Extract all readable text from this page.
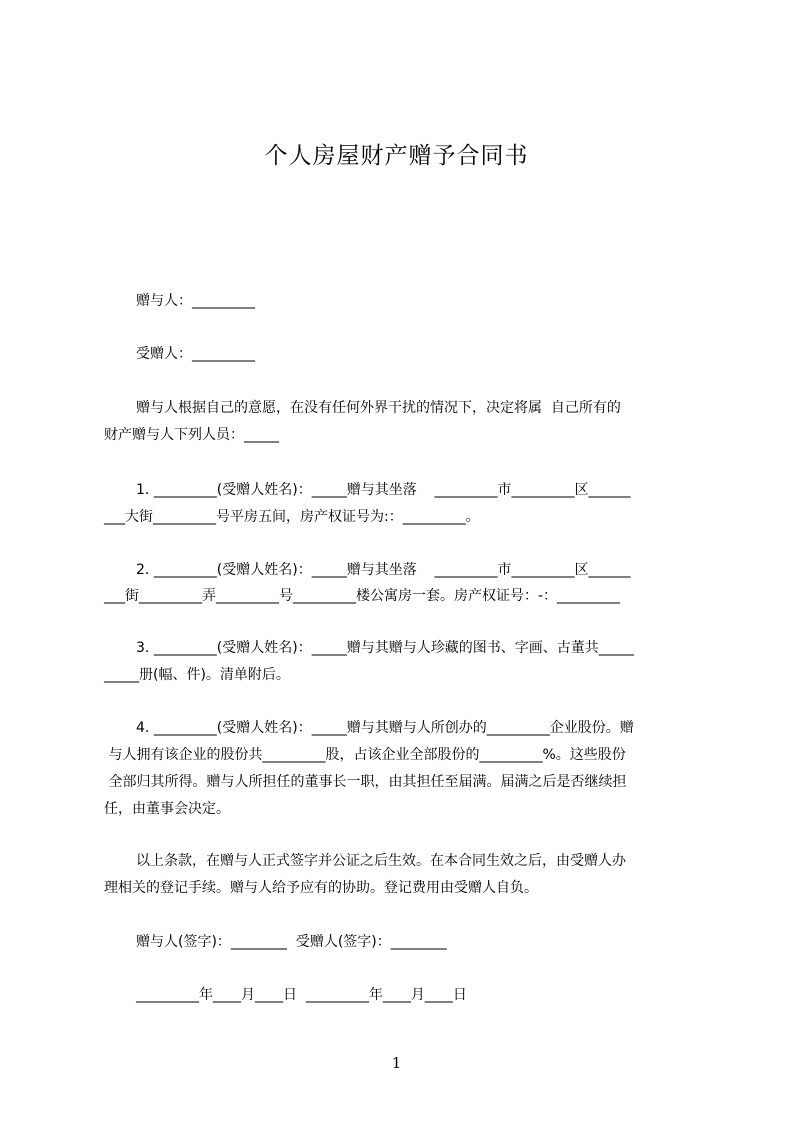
个人房屋财产赠予合同书
赠与人：_________
受赠人：_________
赠与人根据自己的意愿，在没有任何外界干扰的情况下，决定将属  自己所有的
财产赠与人下列人员：_____
1. _________(受赠人姓名)：_____赠与其坐落    _________市_________区______
___大街_________号平房五间，房产权证号为:：_________。
2. _________(受赠人姓名)：_____赠与其坐落    _________市_________区______
___街_________弄_________号_________楼公寓房一套。房产权证号：-：_________
3. _________(受赠人姓名)：_____赠与其赠与人珍藏的图书、字画、古董共_____
_____册(幅、件)。清单附后。
4. _________(受赠人姓名)：_____赠与其赠与人所创办的_________企业股份。赠
与人拥有该企业的股份共_________股，占该企业全部股份的_________%。这些股份
全部归其所得。赠与人所担任的董事长一职，由其担任至届满。届满之后是否继续担
任，由董事会决定。
以上条款，在赠与人正式签字并公证之后生效。在本合同生效之后，由受赠人办
理相关的登记手续。赠与人给予应有的协助。登记费用由受赠人自负。
赠与人(签字)：________  受赠人(签字)：________
_________年____月____日  _________年____月____日
1
